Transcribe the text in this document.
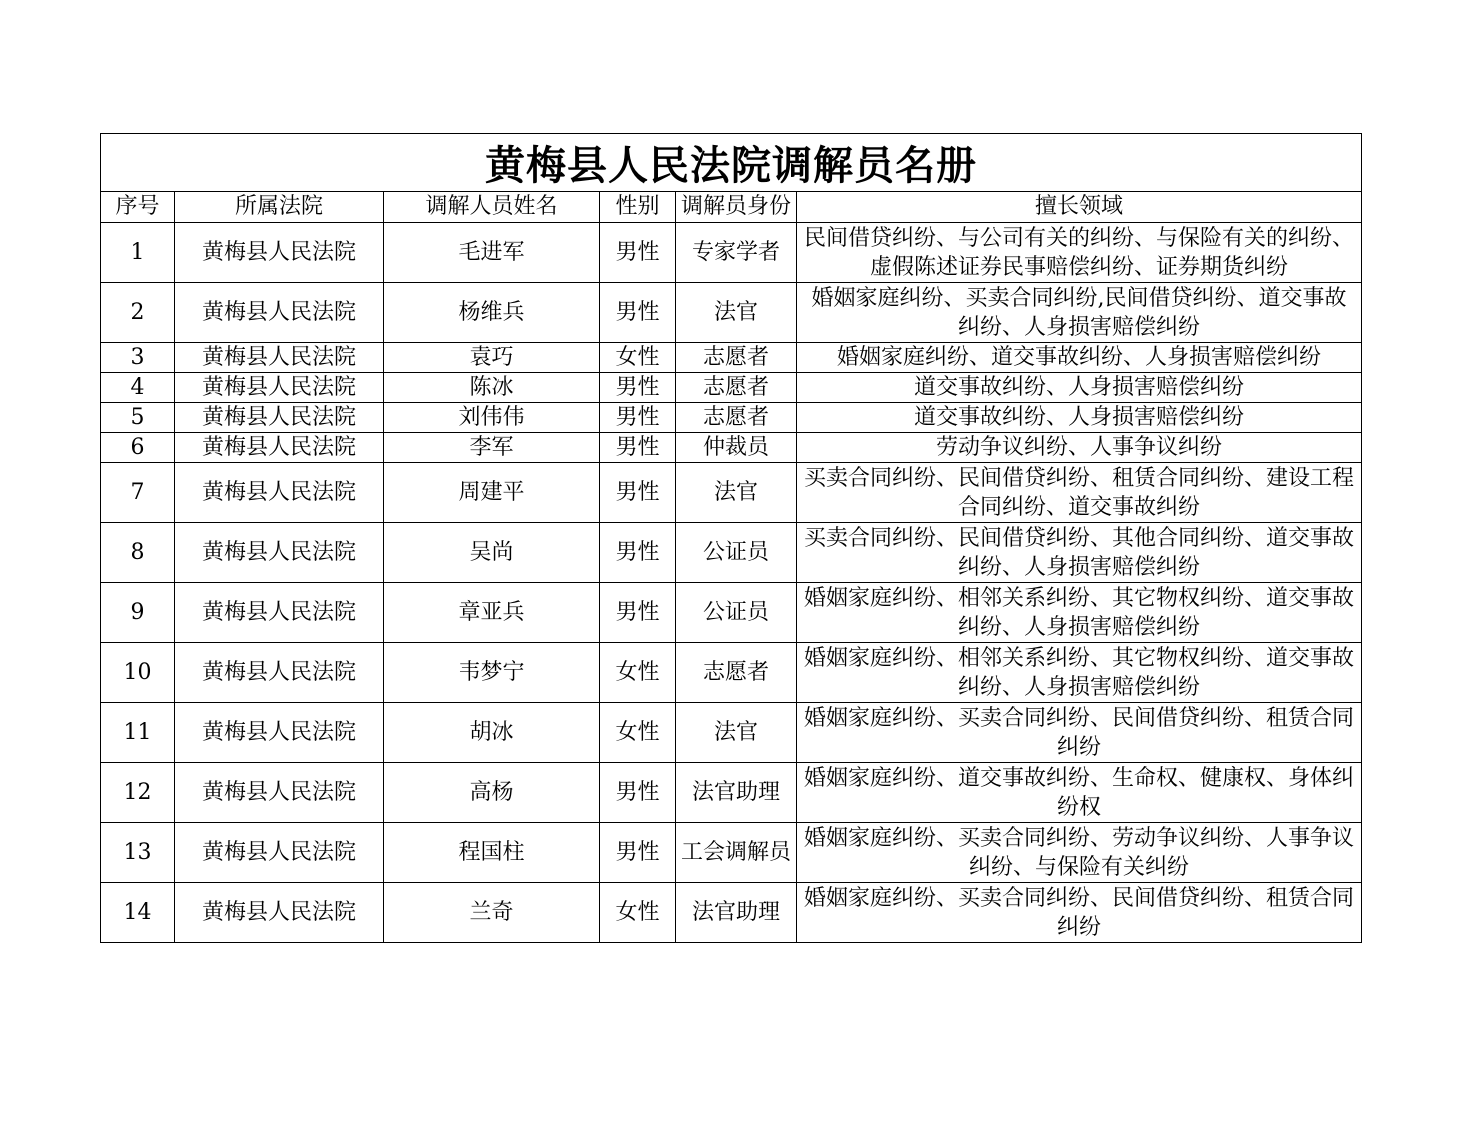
黄梅县人民法院调解员名册					
序号	所属法院	调解人员姓名	性别	调解员身份	擅长领域
1	黄梅县人民法院	毛进军	男性	专家学者	民间借贷纠纷、与公司有关的纠纷、与保险有关的纠纷、虚假陈述证券民事赔偿纠纷、证券期货纠纷
2	黄梅县人民法院	杨维兵	男性	法官	婚姻家庭纠纷、买卖合同纠纷,民间借贷纠纷、道交事故纠纷、人身损害赔偿纠纷
3	黄梅县人民法院	袁巧	女性	志愿者	婚姻家庭纠纷、道交事故纠纷、人身损害赔偿纠纷
4	黄梅县人民法院	陈冰	男性	志愿者	道交事故纠纷、人身损害赔偿纠纷
5	黄梅县人民法院	刘伟伟	男性	志愿者	道交事故纠纷、人身损害赔偿纠纷
6	黄梅县人民法院	李军	男性	仲裁员	劳动争议纠纷、人事争议纠纷
7	黄梅县人民法院	周建平	男性	法官	买卖合同纠纷、民间借贷纠纷、租赁合同纠纷、建设工程合同纠纷、道交事故纠纷
8	黄梅县人民法院	吴尚	男性	公证员	买卖合同纠纷、民间借贷纠纷、其他合同纠纷、道交事故纠纷、人身损害赔偿纠纷
9	黄梅县人民法院	章亚兵	男性	公证员	婚姻家庭纠纷、相邻关系纠纷、其它物权纠纷、道交事故纠纷、人身损害赔偿纠纷
10	黄梅县人民法院	韦梦宁	女性	志愿者	婚姻家庭纠纷、相邻关系纠纷、其它物权纠纷、道交事故纠纷、人身损害赔偿纠纷
11	黄梅县人民法院	胡冰	女性	法官	婚姻家庭纠纷、买卖合同纠纷、民间借贷纠纷、租赁合同纠纷
12	黄梅县人民法院	高杨	男性	法官助理	婚姻家庭纠纷、道交事故纠纷、生命权、健康权、身体纠纷权
13	黄梅县人民法院	程国柱	男性	工会调解员	婚姻家庭纠纷、买卖合同纠纷、劳动争议纠纷、人事争议纠纷、与保险有关纠纷
14	黄梅县人民法院	兰奇	女性	法官助理	婚姻家庭纠纷、买卖合同纠纷、民间借贷纠纷、租赁合同纠纷
